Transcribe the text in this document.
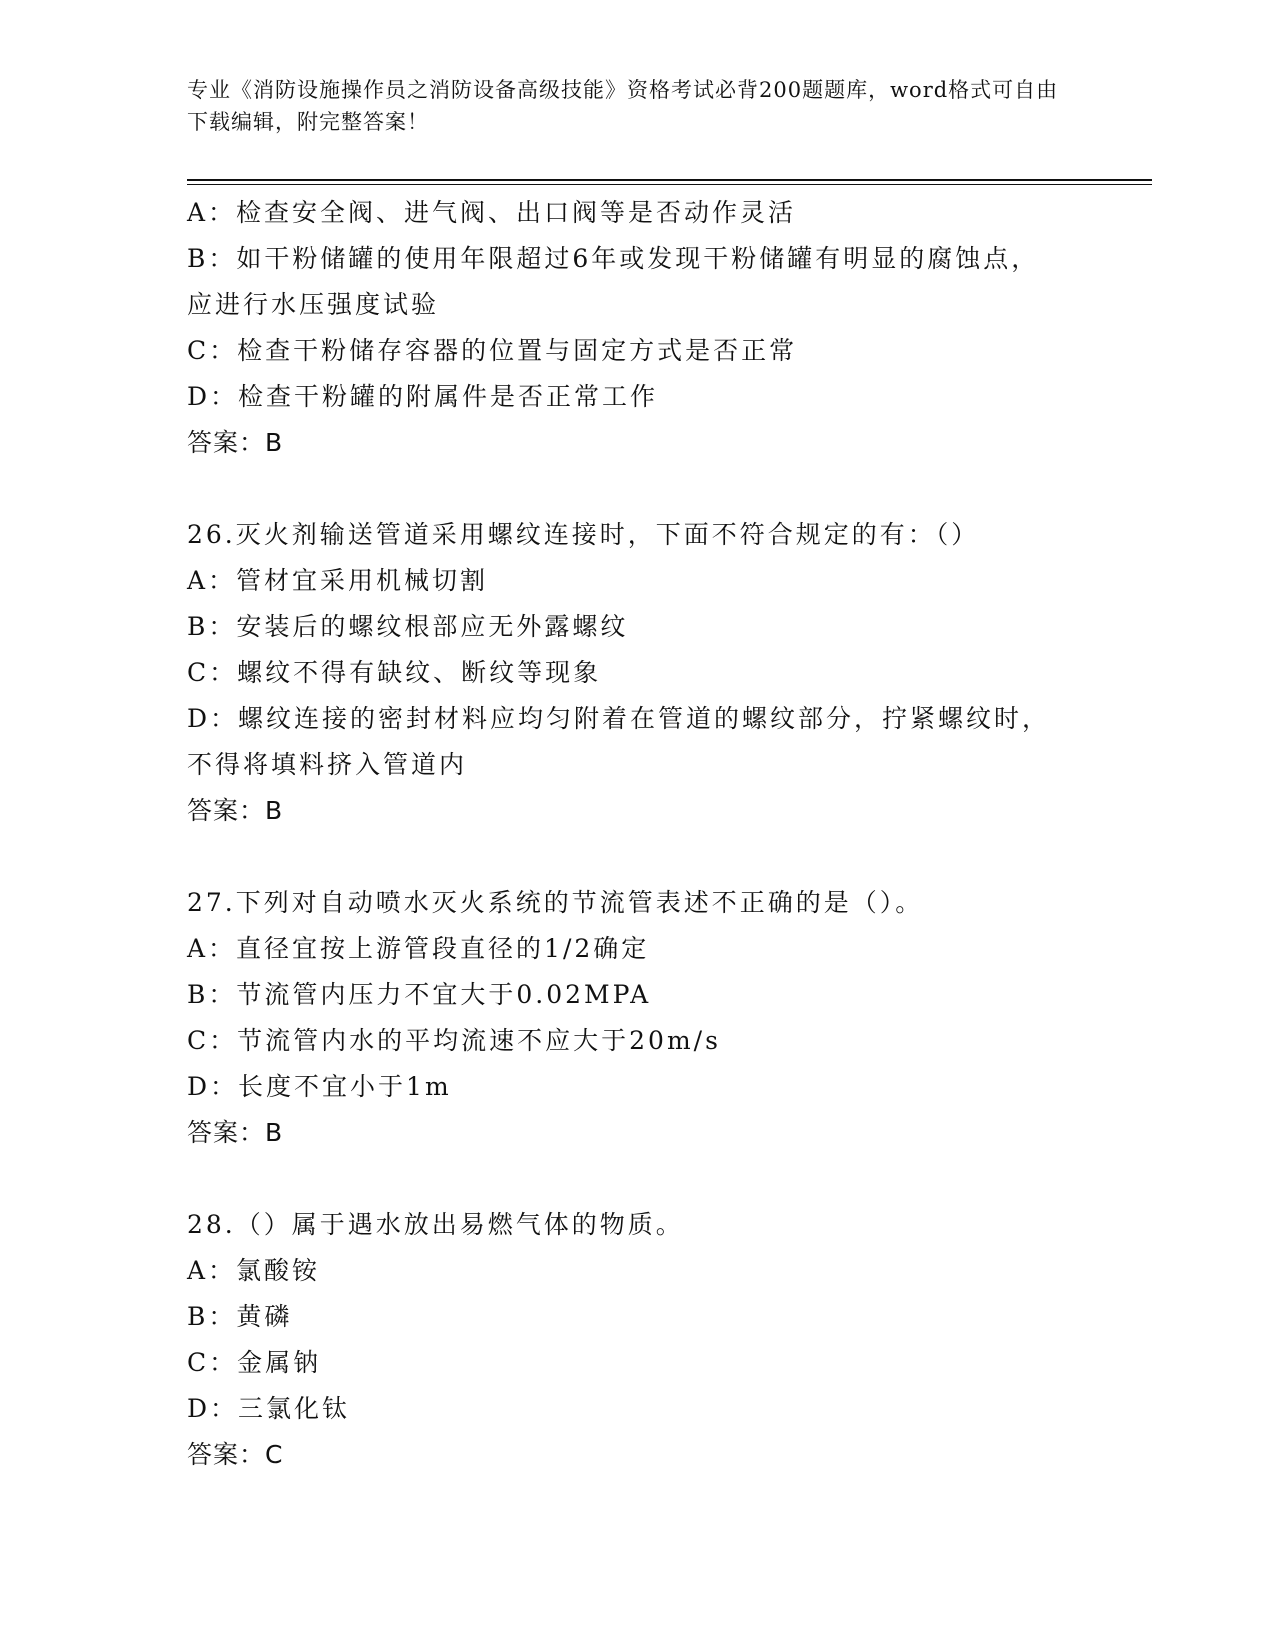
专业《消防设施操作员之消防设备高级技能》资格考试必背200题题库，word格式可自由下载编辑，附完整答案！
A：检查安全阀、进气阀、出口阀等是否动作灵活
B：如干粉储罐的使用年限超过6年或发现干粉储罐有明显的腐蚀点，
应进行水压强度试验
C：检查干粉储存容器的位置与固定方式是否正常
D：检查干粉罐的附属件是否正常工作
答案：B
26.灭火剂输送管道采用螺纹连接时，下面不符合规定的有：（）
A：管材宜采用机械切割
B：安装后的螺纹根部应无外露螺纹
C：螺纹不得有缺纹、断纹等现象
D：螺纹连接的密封材料应均匀附着在管道的螺纹部分，拧紧螺纹时，
不得将填料挤入管道内
答案：B
27.下列对自动喷水灭火系统的节流管表述不正确的是（）。
A：直径宜按上游管段直径的1/2确定
B：节流管内压力不宜大于0.02MPA
C：节流管内水的平均流速不应大于20m/s
D：长度不宜小于1m
答案：B
28.（）属于遇水放出易燃气体的物质。
A：氯酸铵
B：黄磷
C：金属钠
D：三氯化钛
答案：C
